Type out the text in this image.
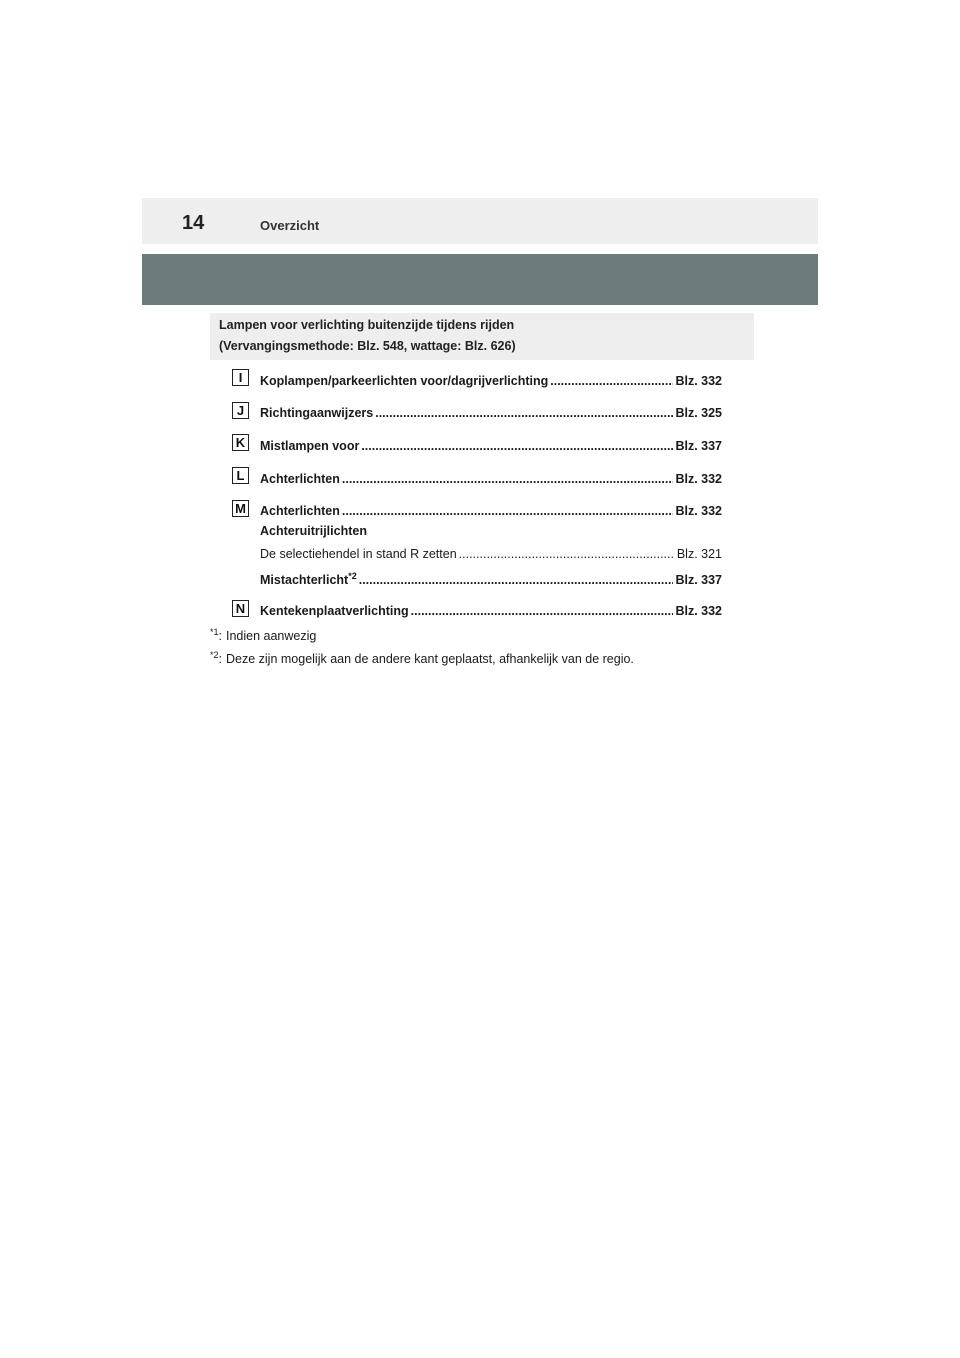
14	Overzicht
Lampen voor verlichting buitenzijde tijdens rijden
(Vervangingsmethode: Blz. 548, wattage: Blz. 626)
I	Koplampen/parkeerlichten voor/dagrijverlichting .....	Blz. 332
J	Richtingaanwijzers .....	Blz. 325
K	Mistlampen voor .....	Blz. 337
L	Achterlichten .....	Blz. 332
M Achterlichten .....	Blz. 332
Achteruitrijlichten
De selectiehendel in stand R zetten .....	Blz. 321
Mistachterlicht$^{*2}$ .....	Blz. 337
N	Kentekenplaatverlichting .....	Blz. 332
$^{*1}$: Indien aanwezig
$^{*2}$: Deze zijn mogelijk aan de andere kant geplaatst, afhankelijk van de regio.
